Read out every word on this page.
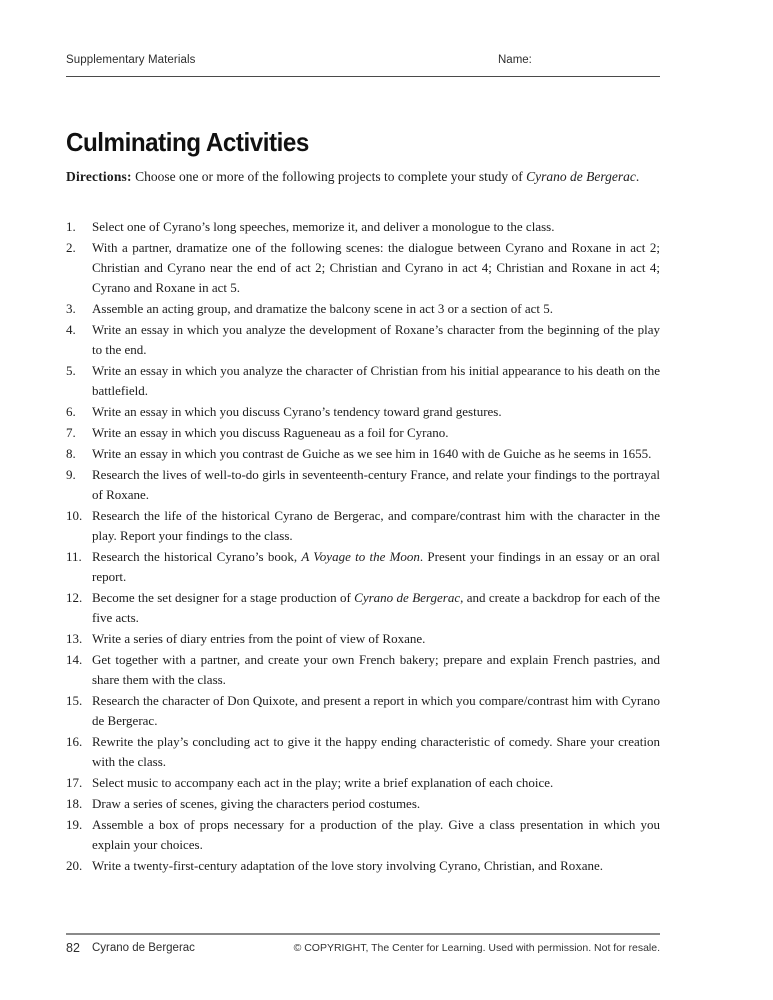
Supplementary Materials	Name:
Culminating Activities

Directions: Choose one or more of the following projects to complete your study of Cyrano de Bergerac.

1.	Select one of Cyrano’s long speeches, memorize it, and deliver a monologue to the class.
2.	With a partner, dramatize one of the following scenes: the dialogue between Cyrano and Roxane in act 2; Christian and Cyrano near the end of act 2; Christian and Cyrano in act 4; Christian and Roxane in act 4; Cyrano and Roxane in act 5.
3.	Assemble an acting group, and dramatize the balcony scene in act 3 or a section of act 5.
4.	Write an essay in which you analyze the development of Roxane’s character from the beginning of the play to the end.
5.	Write an essay in which you analyze the character of Christian from his initial appearance to his death on the battlefield.
6.	Write an essay in which you discuss Cyrano’s tendency toward grand gestures.
7.	Write an essay in which you discuss Ragueneau as a foil for Cyrano.
8.	Write an essay in which you contrast de Guiche as we see him in 1640 with de Guiche as he seems in 1655.
9.	Research the lives of well-to-do girls in seventeenth-century France, and relate your findings to the portrayal of Roxane.
10. Research the life of the historical Cyrano de Bergerac, and compare/contrast him with the character in the play. Report your findings to the class.
11. Research the historical Cyrano’s book, A Voyage to the Moon. Present your findings in an essay or an oral report.
12. Become the set designer for a stage production of Cyrano de Bergerac, and create a backdrop for each of the five acts.
13. Write a series of diary entries from the point of view of Roxane.
14. Get together with a partner, and create your own French bakery; prepare and explain French pastries, and share them with the class.
15. Research the character of Don Quixote, and present a report in which you compare/contrast him with Cyrano de Bergerac.
16. Rewrite the play’s concluding act to give it the happy ending characteristic of comedy. Share your creation with the class.
17. Select music to accompany each act in the play; write a brief explanation of each choice.
18. Draw a series of scenes, giving the characters period costumes.
19. Assemble a box of props necessary for a production of the play. Give a class presentation in which you explain your choices.
20. Write a twenty-first-century adaptation of the love story involving Cyrano, Christian, and Roxane.
82 Cyrano de Bergerac	© COPYRIGHT, The Center for Learning. Used with permission. Not for resale.
